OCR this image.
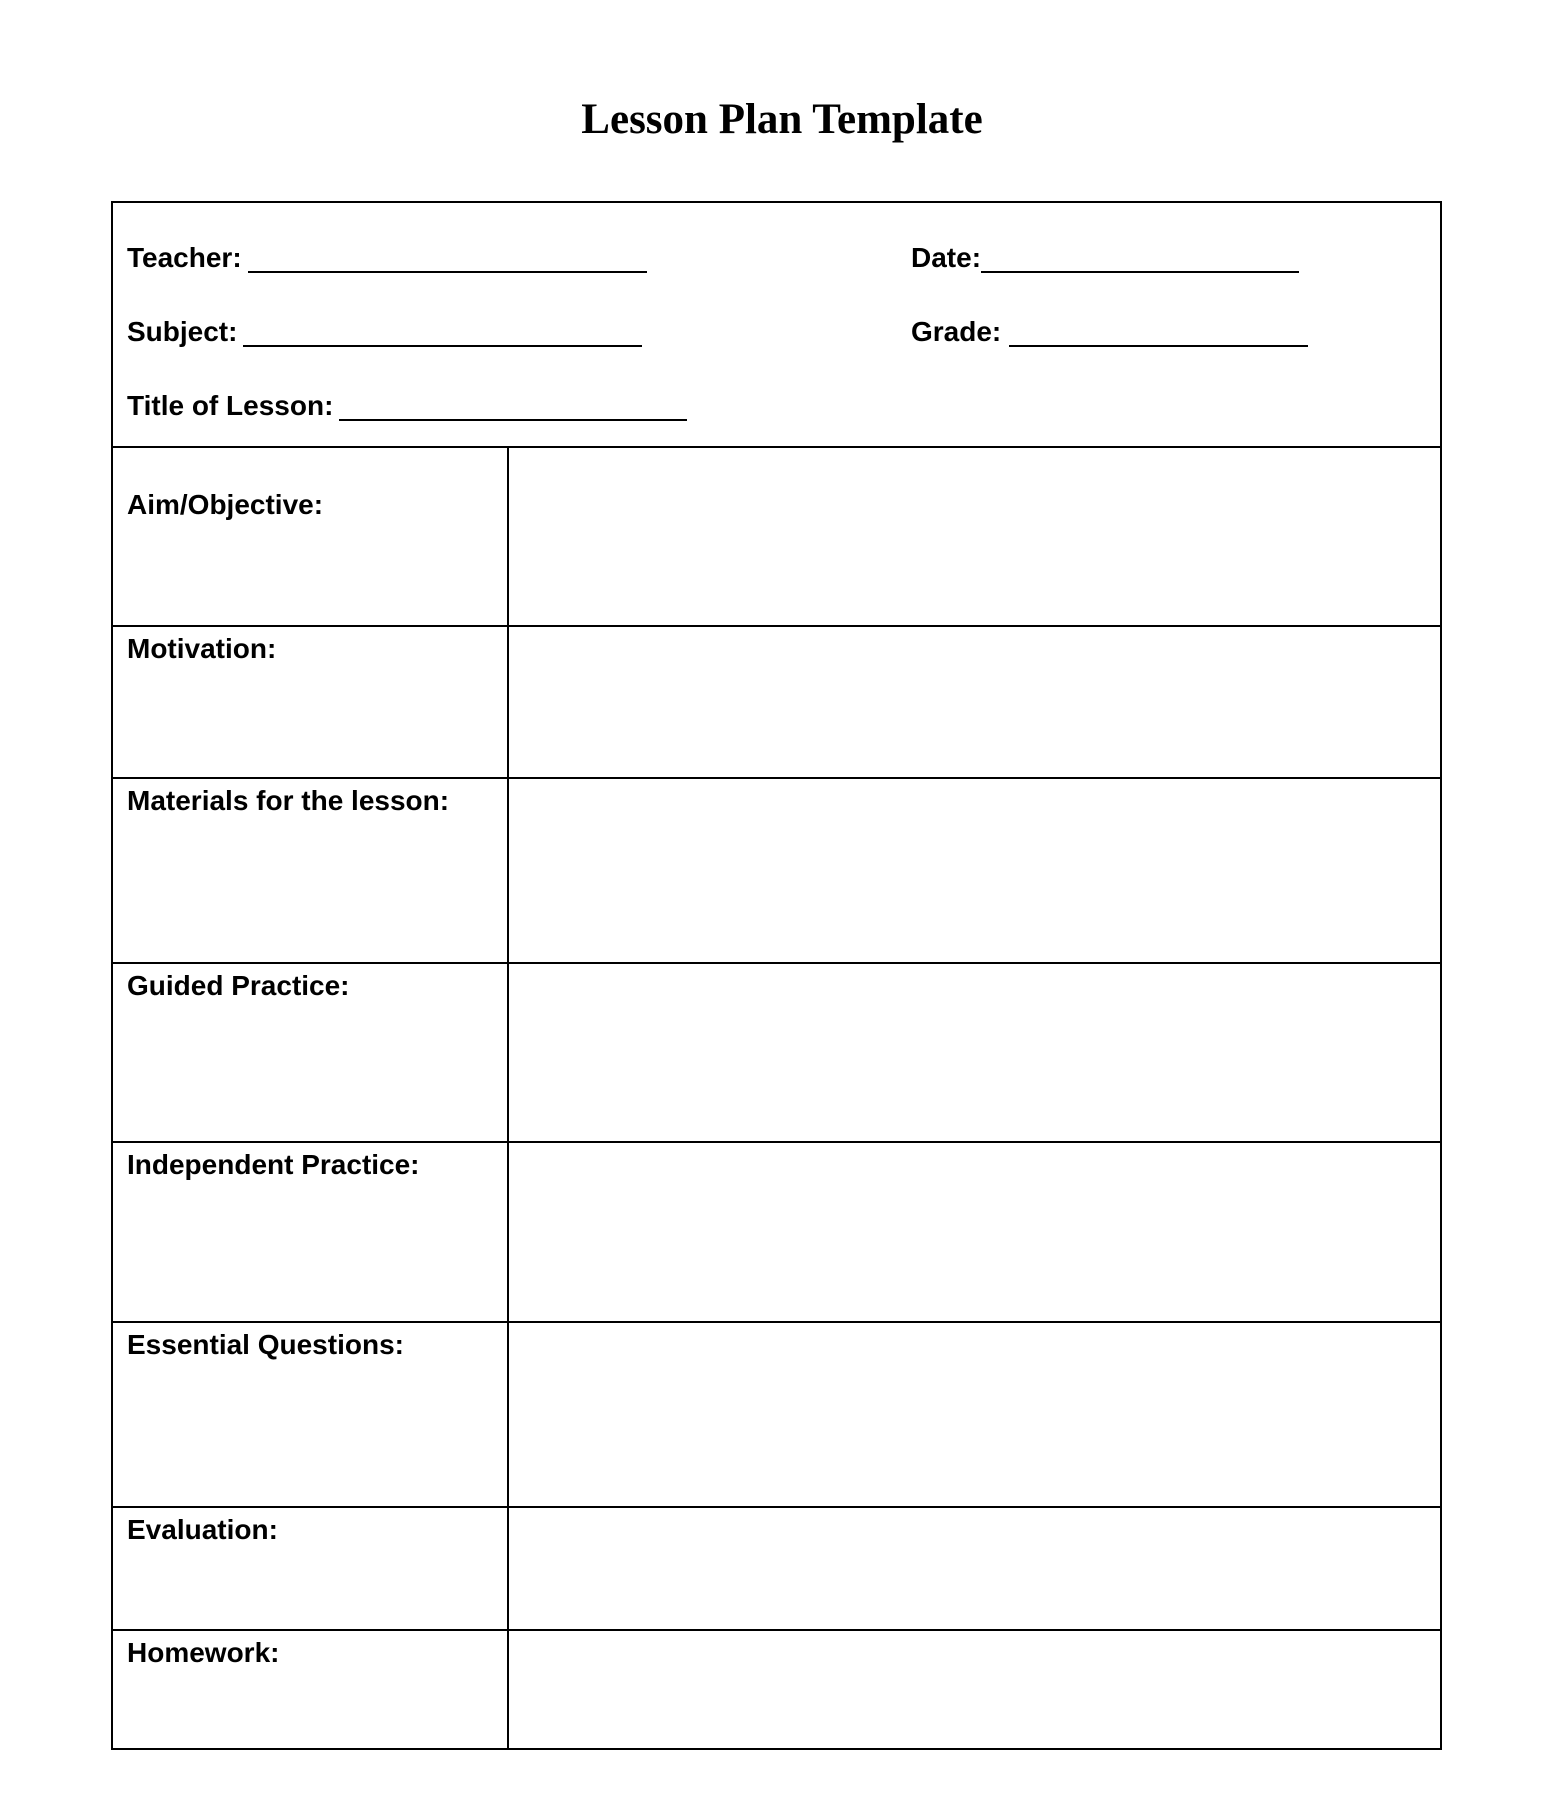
Lesson Plan Template
Teacher:	Date:
Subject:	Grade:
Title of Lesson:
Aim/Objective:
Motivation:
Materials for the lesson:
Guided Practice:
Independent Practice:
Essential Questions:
Evaluation:
Homework:
